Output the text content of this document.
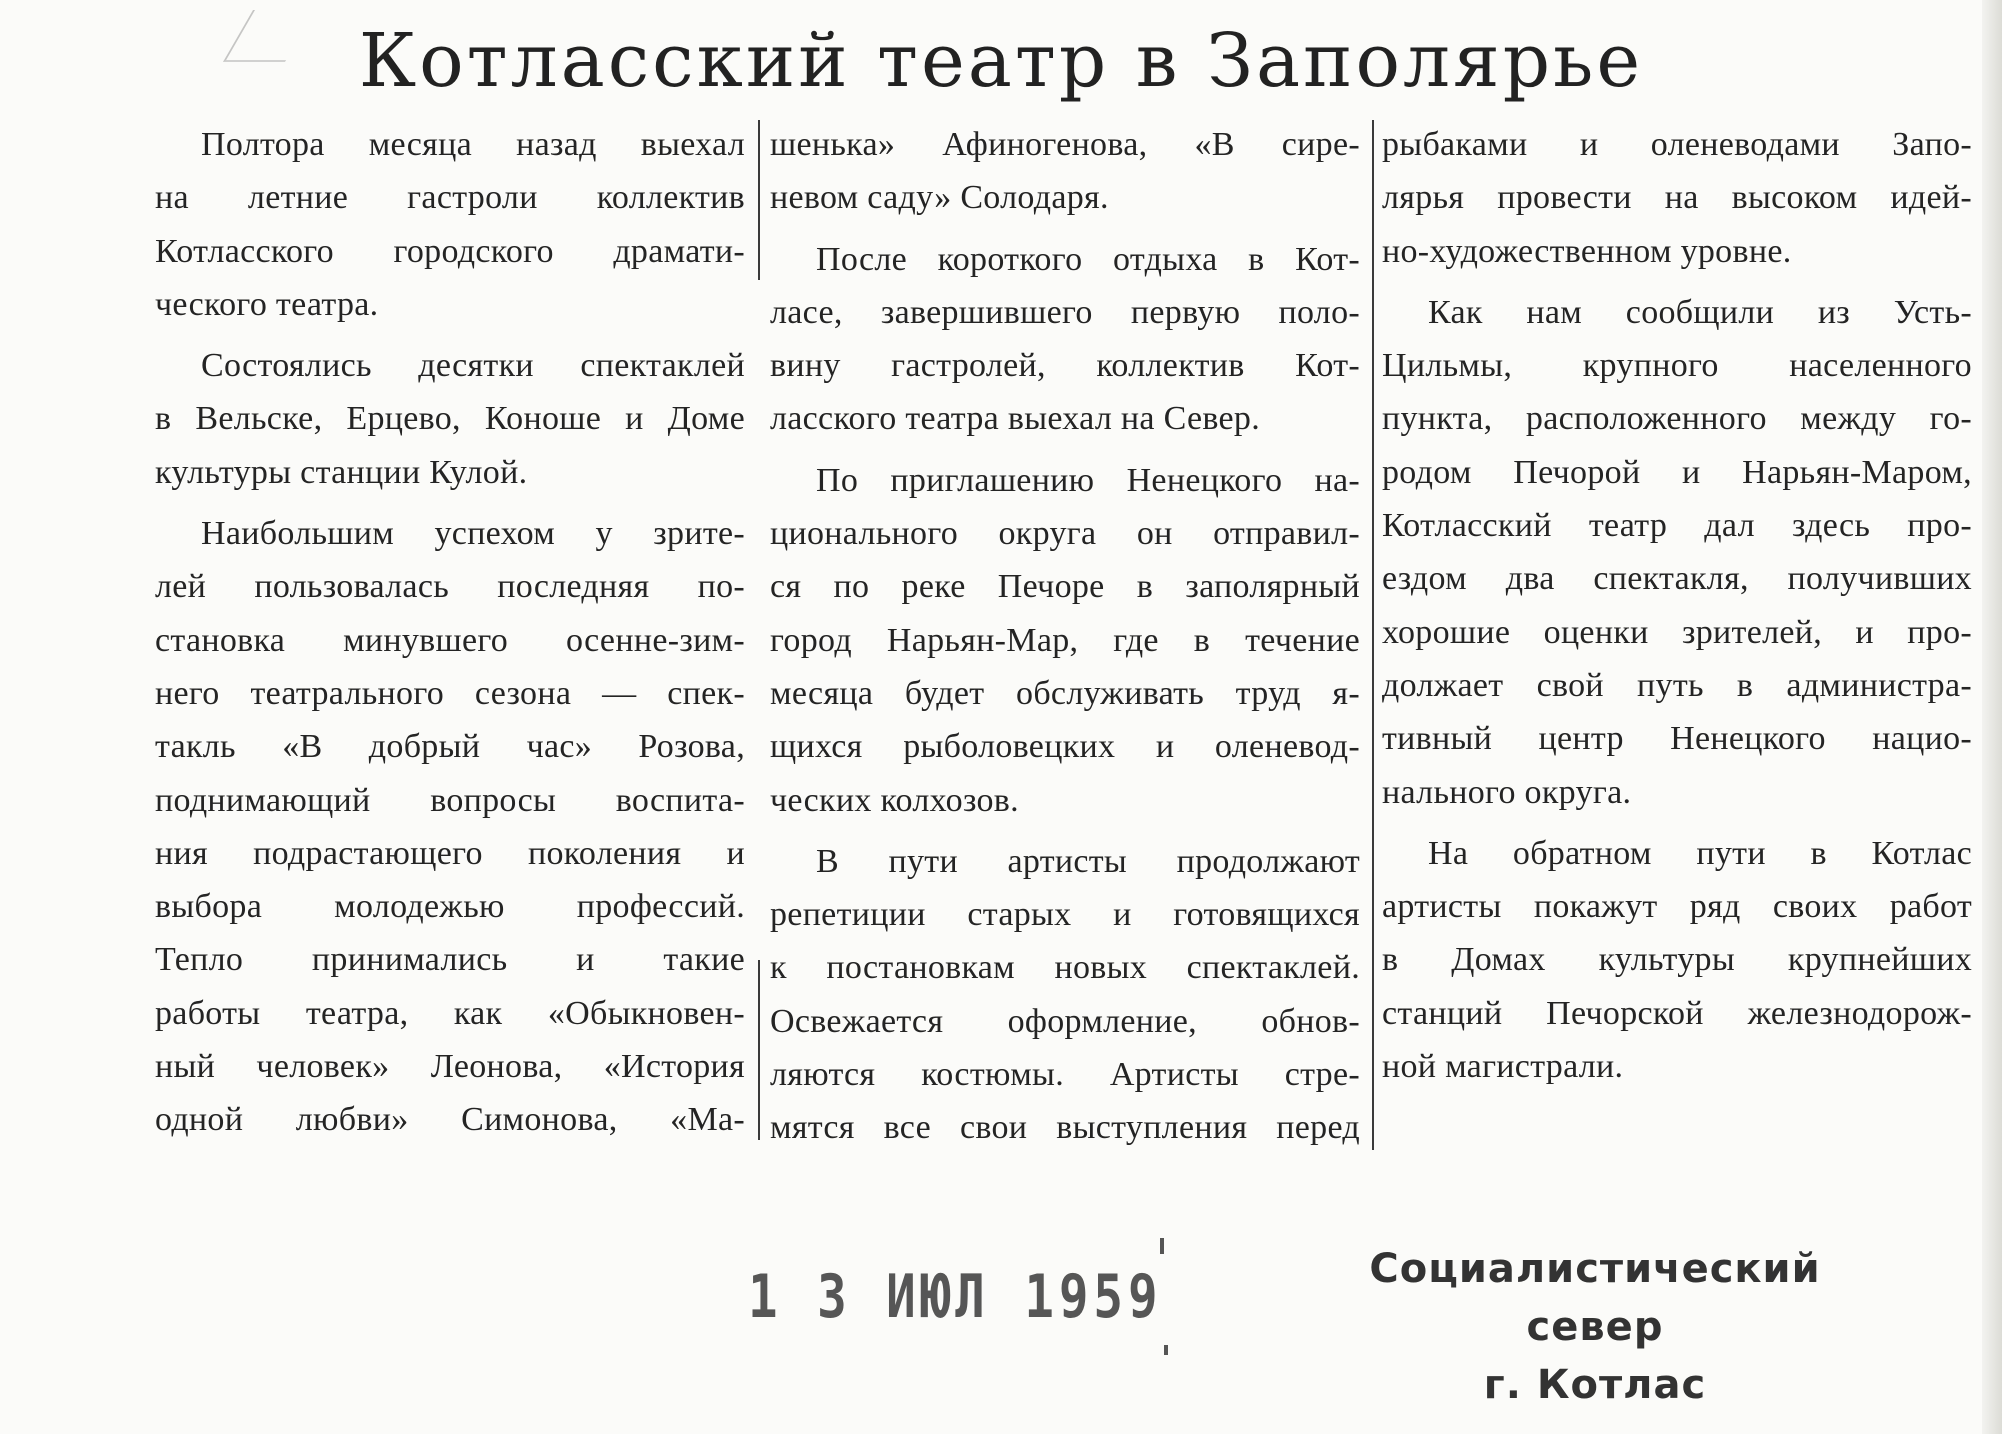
Котласский театр в Заполярье
Полтора месяца назад выехал
на летние гастроли коллектив
Котласского городского драмати-
ческого театра.
Состоялись десятки спектаклей
в Вельске, Ерцево, Коноше и Доме
культуры станции Кулой.
Наибольшим успехом у зрите-
лей пользовалась последняя по-
становка минувшего осенне-зим-
него театрального сезона — спек-
такль «В добрый час» Розова,
поднимающий вопросы воспита-
ния подрастающего поколения и
выбора молодежью профессий.
Тепло принимались и такие
работы театра, как «Обыкновен-
ный человек» Леонова, «История
одной любви» Симонова, «Ма-
шенька» Афиногенова, «В сире-
невом саду» Солодаря.
После короткого отдыха в Кот-
ласе, завершившего первую поло-
вину гастролей, коллектив Кот-
ласского театра выехал на Север.
По приглашению Ненецкого на-
ционального округа он отправил-
ся по реке Печоре в заполярный
город Нарьян-Мар, где в течение
месяца будет обслуживать труд я-
щихся рыболовецких и оленевод-
ческих колхозов.
В пути артисты продолжают
репетиции старых и готовящихся
к постановкам новых спектаклей.
Освежается оформление, обнов-
ляются костюмы. Артисты стре-
мятся все свои выступления перед
рыбаками и оленеводами Запо-
лярья провести на высоком идей-
но-художественном уровне.
Как нам сообщили из Усть-
Цильмы, крупного населенного
пункта, расположенного между го-
родом Печорой и Нарьян-Маром,
Котласский театр дал здесь про-
ездом два спектакля, получивших
хорошие оценки зрителей, и про-
должает свой путь в администра-
тивный центр Ненецкого нацио-
нального округа.
На обратном пути в Котлас
артисты покажут ряд своих работ
в Домах культуры крупнейших
станций Печорской железнодорож-
ной магистрали.
1 3 ИЮЛ 1959	Социалистический север
г. Котлас
